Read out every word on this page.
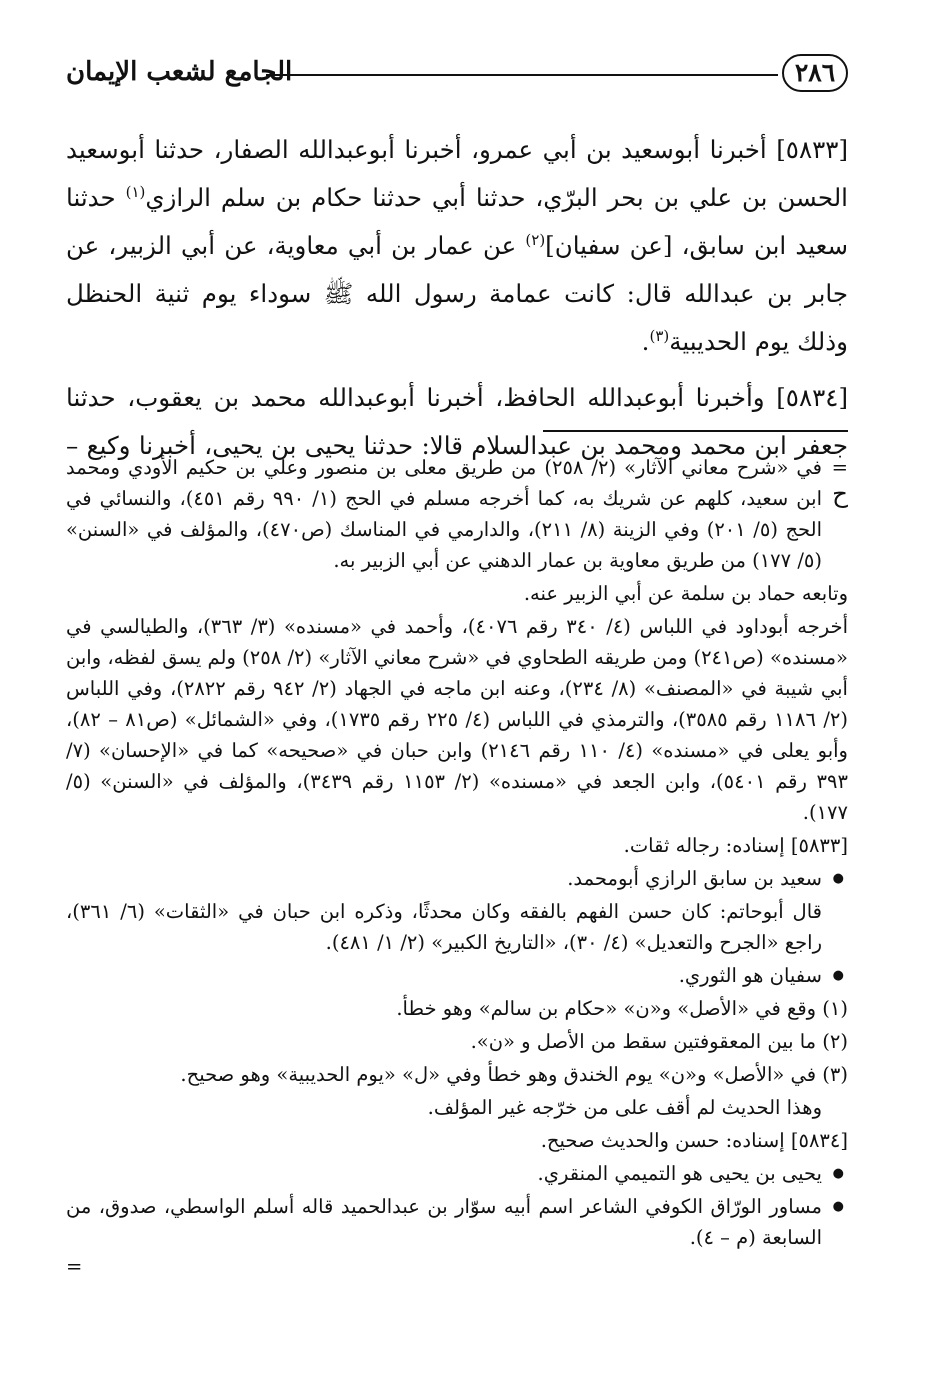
٢٨٦
الجامع لشعب الإيمان

[٥٨٣٣] أخبرنا أبوسعيد بن أبي عمرو، أخبرنا أبوعبدالله الصفار، حدثنا أبوسعيد الحسن بن علي بن بحر البرّي، حدثنا أبي حدثنا حكام بن سلم الرازي$^{(١)}$ حدثنا سعيد ابن سابق، [عن سفيان]$^{(٢)}$ عن عمار بن أبي معاوية، عن أبي الزبير، عن جابر بن عبدالله قال: كانت عمامة رسول الله ﷺ سوداء يوم ثنية الحنظل وذلك يوم الحديبية$^{(٣)}$.

[٥٨٣٤] وأخبرنا أبوعبدالله الحافظ، أخبرنا أبوعبدالله محمد بن يعقوب، حدثنا جعفر ابن محمد ومحمد بن عبدالسلام قالا: حدثنا يحيى بن يحيى، أخبرنا وكيع – ح

=
في «شرح معاني الآثار» (٢/ ٢٥٨) من طريق معلى بن منصور وعلي بن حكيم الأودي ومحمد ابن سعيد، كلهم عن شريك به، كما أخرجه مسلم في الحج (١/ ٩٩٠ رقم ٤٥١)، والنسائي في الحج (٥/ ٢٠١) وفي الزينة (٨/ ٢١١)، والدارمي في المناسك (ص٤٧٠)، والمؤلف في «السنن» (٥/ ١٧٧) من طريق معاوية بن عمار الدهني عن أبي الزبير به.

وتابعه حماد بن سلمة عن أبي الزبير عنه.

أخرجه أبوداود في اللباس (٤/ ٣٤٠ رقم ٤٠٧٦)، وأحمد في «مسنده» (٣/ ٣٦٣)، والطيالسي في «مسنده» (ص٢٤١) ومن طريقه الطحاوي في «شرح معاني الآثار» (٢/ ٢٥٨) ولم يسق لفظه، وابن أبي شيبة في «المصنف» (٨/ ٢٣٤)، وعنه ابن ماجه في الجهاد (٢/ ٩٤٢ رقم ٢٨٢٢)، وفي اللباس (٢/ ١١٨٦ رقم ٣٥٨٥)، والترمذي في اللباس (٤/ ٢٢٥ رقم ١٧٣٥)، وفي «الشمائل» (ص٨١ – ٨٢)، وأبو يعلى في «مسنده» (٤/ ١١٠ رقم ٢١٤٦) وابن حبان في «صحيحه» كما في «الإحسان» (٧/ ٣٩٣ رقم ٥٤٠١)، وابن الجعد في «مسنده» (٢/ ١١٥٣ رقم ٣٤٣٩)، والمؤلف في «السنن» (٥/ ١٧٧).

[٥٨٣٣] إسناده: رجاله ثقات.

● سعيد بن سابق الرازي أبومحمد.

قال أبوحاتم: كان حسن الفهم بالفقه وكان محدثًا، وذكره ابن حبان في «الثقات» (٦/ ٣٦١)، راجع «الجرح والتعديل» (٤/ ٣٠)، «التاريخ الكبير» (٢/ ١/ ٤٨١).

● سفيان هو الثوري.

(١) وقع في «الأصل» و«ن» «حكام بن سالم» وهو خطأ.

(٢) ما بين المعقوفتين سقط من الأصل و «ن».

(٣) في «الأصل» و«ن» يوم الخندق وهو خطأ وفي «ل» «يوم الحديبية» وهو صحيح.

وهذا الحديث لم أقف على من خرّجه غير المؤلف.

[٥٨٣٤] إسناده: حسن والحديث صحيح.

● يحيى بن يحيى هو التميمي المنقري.

● مساور الورّاق الكوفي الشاعر اسم أبيه سوّار بن عبدالحميد قاله أسلم الواسطي، صدوق، من السابعة (م – ٤).

=
